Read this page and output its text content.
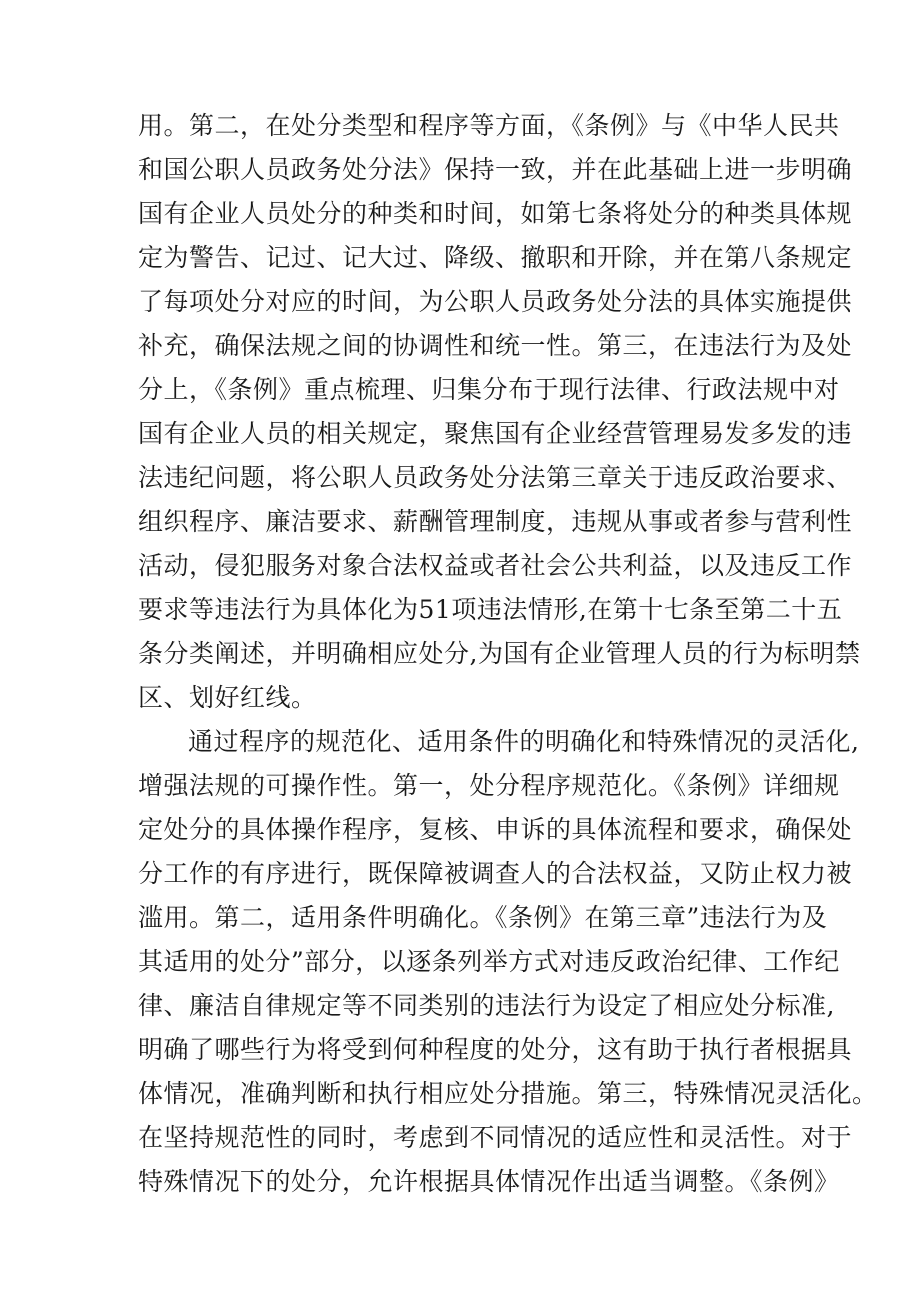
用。第二，在处分类型和程序等方面，《条例》与《中华人民共
和国公职人员政务处分法》保持一致，并在此基础上进一步明确
国有企业人员处分的种类和时间，如第七条将处分的种类具体规
定为警告、记过、记大过、降级、撤职和开除，并在第八条规定
了每项处分对应的时间，为公职人员政务处分法的具体实施提供
补充，确保法规之间的协调性和统一性。第三，在违法行为及处
分上，《条例》重点梳理、归集分布于现行法律、行政法规中对
国有企业人员的相关规定，聚焦国有企业经营管理易发多发的违
法违纪问题，将公职人员政务处分法第三章关于违反政治要求、
组织程序、廉洁要求、薪酬管理制度，违规从事或者参与营利性
活动，侵犯服务对象合法权益或者社会公共利益，以及违反工作
要求等违法行为具体化为51项违法情形,在第十七条至第二十五
条分类阐述，并明确相应处分,为国有企业管理人员的行为标明禁
区、划好红线。
通过程序的规范化、适用条件的明确化和特殊情况的灵活化,
增强法规的可操作性。第一，处分程序规范化。《条例》详细规
定处分的具体操作程序，复核、申诉的具体流程和要求，确保处
分工作的有序进行，既保障被调查人的合法权益，又防止权力被
滥用。第二，适用条件明确化。《条例》在第三章”违法行为及
其适用的处分”部分，以逐条列举方式对违反政治纪律、工作纪
律、廉洁自律规定等不同类别的违法行为设定了相应处分标准,
明确了哪些行为将受到何种程度的处分，这有助于执行者根据具
体情况，准确判断和执行相应处分措施。第三，特殊情况灵活化。
在坚持规范性的同时，考虑到不同情况的适应性和灵活性。对于
特殊情况下的处分，允许根据具体情况作出适当调整。《条例》
